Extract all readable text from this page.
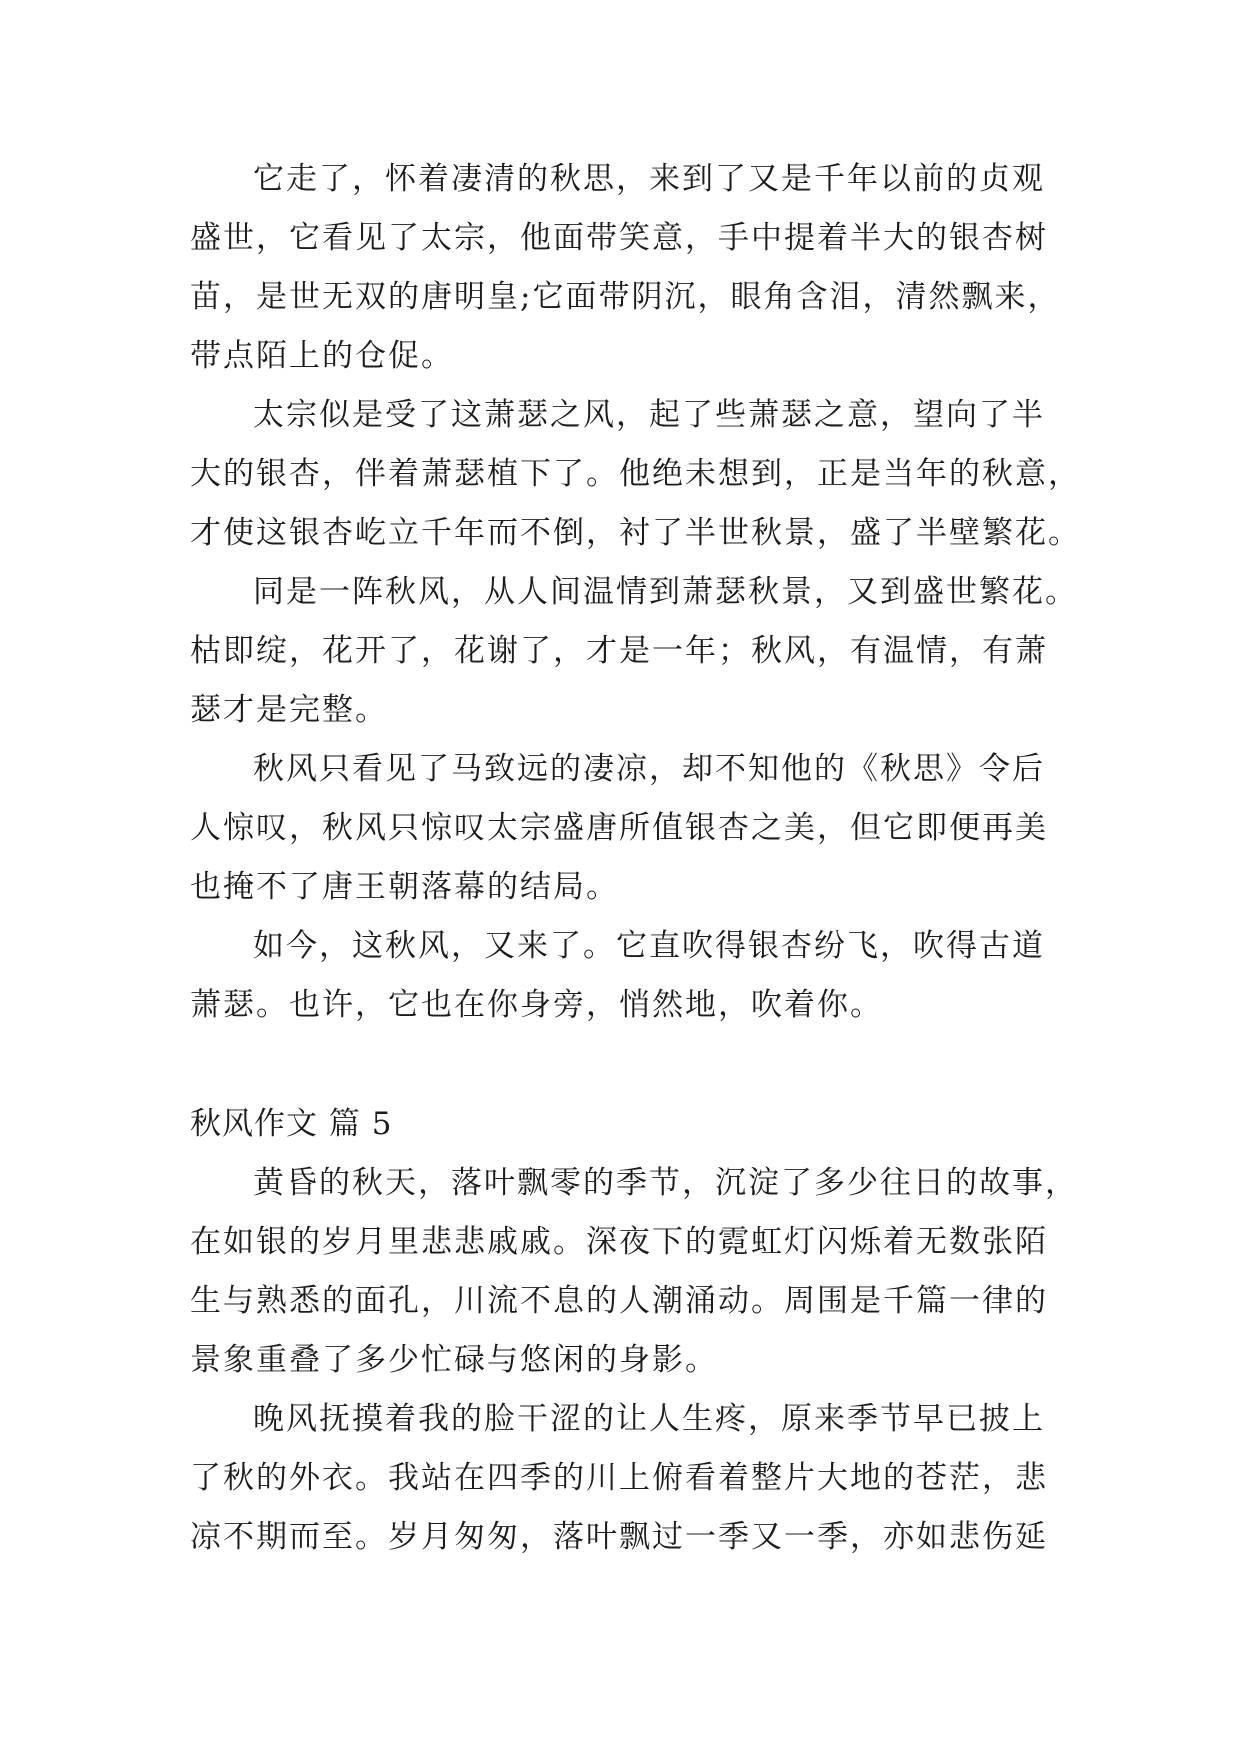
它走了，怀着凄清的秋思，来到了又是千年以前的贞观
盛世，它看见了太宗，他面带笑意，手中提着半大的银杏树
苗，是世无双的唐明皇;它面带阴沉，眼角含泪，清然飘来，
带点陌上的仓促。
太宗似是受了这萧瑟之风，起了些萧瑟之意，望向了半
大的银杏，伴着萧瑟植下了。他绝未想到，正是当年的秋意，
才使这银杏屹立千年而不倒，衬了半世秋景，盛了半壁繁花。
同是一阵秋风，从人间温情到萧瑟秋景，又到盛世繁花。
枯即绽，花开了，花谢了，才是一年；秋风，有温情，有萧
瑟才是完整。
秋风只看见了马致远的凄凉，却不知他的《秋思》令后
人惊叹，秋风只惊叹太宗盛唐所值银杏之美，但它即便再美
也掩不了唐王朝落幕的结局。
如今，这秋风，又来了。它直吹得银杏纷飞，吹得古道
萧瑟。也许，它也在你身旁，悄然地，吹着你。
秋风作文 篇 5
黄昏的秋天，落叶飘零的季节，沉淀了多少往日的故事，
在如银的岁月里悲悲戚戚。深夜下的霓虹灯闪烁着无数张陌
生与熟悉的面孔，川流不息的人潮涌动。周围是千篇一律的
景象重叠了多少忙碌与悠闲的身影。
晚风抚摸着我的脸干涩的让人生疼，原来季节早已披上
了秋的外衣。我站在四季的川上俯看着整片大地的苍茫，悲
凉不期而至。岁月匆匆，落叶飘过一季又一季，亦如悲伤延
